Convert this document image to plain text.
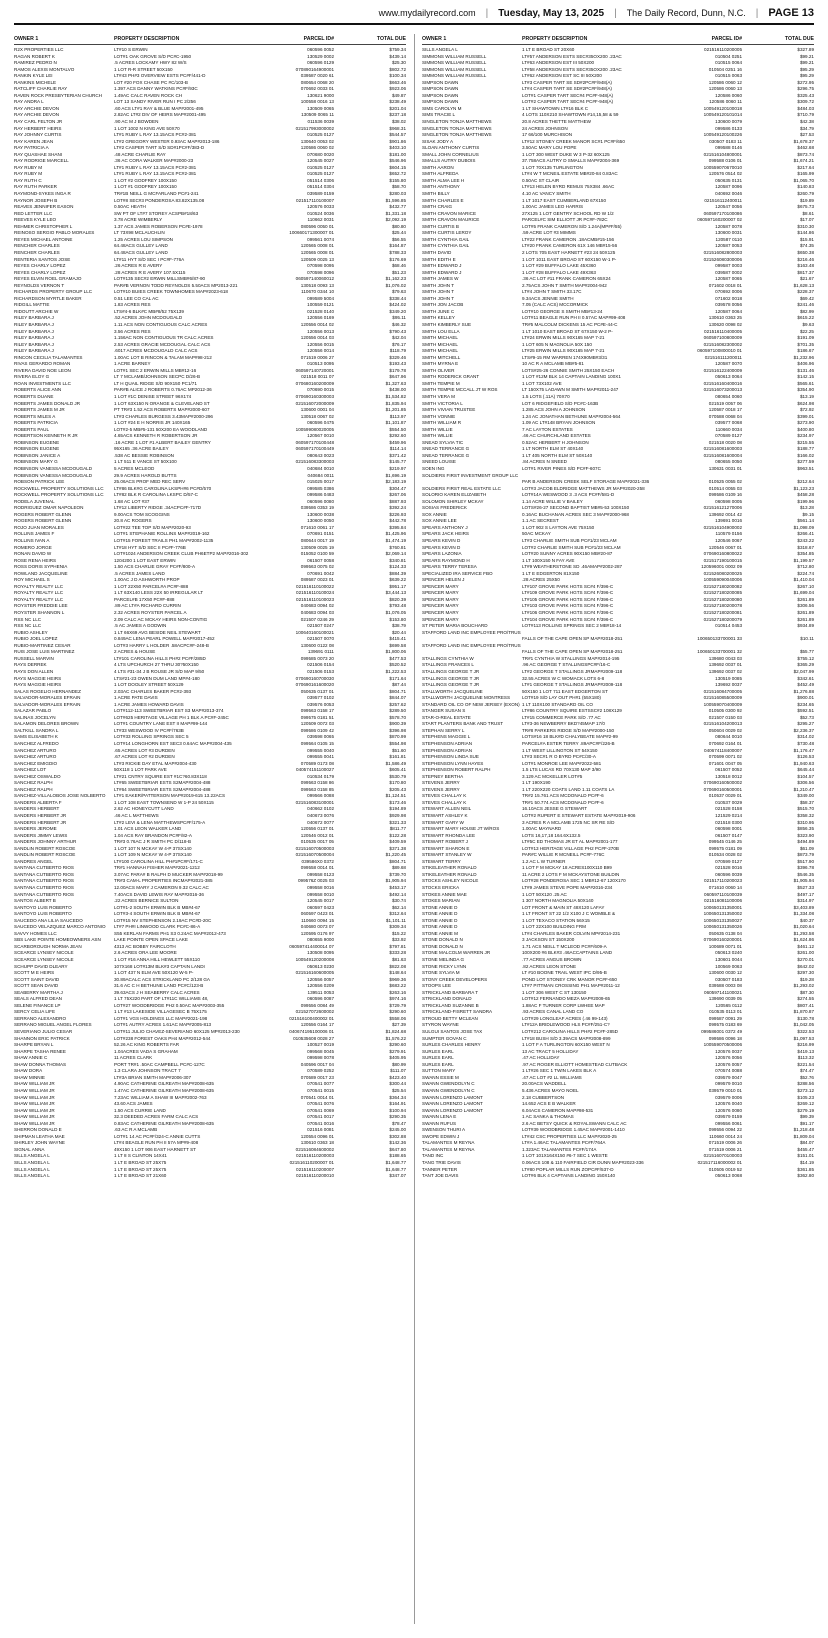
www.mydailyrecord.com | Tuesday, May 13, 2025 | The Daily Record, Dunn, N.C. | PAGE 13
OWNER 1	PROPERTY DESCRIPTION	PARCEL ID#	TOTAL DUE
R2X PROPERTIES LLC	LT#10 S ERWIN	060596 0052	$759.34
RAGAN ROBERT K	LOT#1 OAK GROVE S/D PC#C-1950	130529 0002	$439.14
RAMIREZ PEDRO N	.5 ACRES LOCKAMY HWY 82 W/S	060596 0129	$25.30
RAMOS ALEXIS MONTALVO	1 LOT R-R STREET 50X150	070890164900001	$802.72
RANKIN KYLE LEI	LT#43 PH#3 OVERVIEW ESTS PC#F/441-D	039587 0020 61	$100.34
RANKINS MICHELE	LOT #20 FOX CHASE PC #C/103-B	080654 0068 20	$663.46
RATCLIFF CHARLIE RAY	1.397 ACS DANNY WATKINS PC#F/93C	070692 0033 01	$923.06
RAVEN ROCK PRESBYTERIAN CHURCH	1.49AC CALC RAVEN ROCK CH	130621 9000	$49.87
RAY ANDRA L	LOT 13 SANDY RIVER RUN I PC 2/256	100558 0016 13	$238.49
RAY ARCHIE DEVON	.60 ACS LT#1 RAY & BLUE MAP#2001-495	130509 0065	$201.04
RAY ARCHIE DEVON	2.82AC LT#2 DIV OF HEIRS MAP#2001-495	130509 0065 11	$237.18
RAY CARL FELTON JR	.90 AC M J BOWDEN	011536 0039	$38.02
RAY HERBERT HEIRS	1 LOT 1002 N KING AVE 50X70	021517993000002	$968.31
RAY JOHNNY CURTIS	LT#1 RUBY L RAY 13.15ACS PC#2-381	010525 0127	$544.57
RAY KAREN JEAN	LT#2 GREGORY WESTER 0.93AC MAP#2013-186	130640 0053 02	$901.86
RAY PATRICIA A	LT#2 CASPER TART S/D SD#1PC#F/383-D	120586 0060 02	$403.10
RAY QUASHAE SHANI	.48 ACRE CHARLIE RAY	070680 0020	$181.00
RAY RODRIGE MARCELL	.36 AC CORA WALKER MAP#2000-23	120545 0027	$546.96
RAY RUBY M	LT#1 RUBY L RAY 13.15ACS PC#2-381	010525 0127	$604.15
RAY RUBY M	LT#1 RUBY L RAY 13.15ACS PC#2-381	010525 0127	$652.72
RAY RUTH C	1 LOT #2 GODFREY 100X150	051514 0306	$155.80
RAY RUTH PARKER	1 LOT #1 GODFREY 100X150	051514 0304	$58.70
RAYMOND-SYKES INGA R	TR#1B NEILL G MCFARLAND PC#1-241	039589 0159	$280.03
RAYNOR JOSEPH B	LOT#8 SEC#3 PONDEROSA 83.82X135.08	021517110100007	$1,596.85
REAVES JENNIFER EASON	0.50AC HEATH	120576 0033	$432.77
RED LETTER LLC	SW PT OF LT#7 STOREY ACSPB#18/63	010524 0036	$1,331.18
REEVES KYLE LEO	3.78 ACRE WIMBERLY	110662 0031	$2,092.19
REHMER CHRISTOPHER L	1.37 ACS JAMES ROBERSON PC#E-1978	080596 0050 01	$80.80
REINOSO SERGIO PABLO MORALES	LT 73X98 MCLAUCHLIN	100660171300007 01	$25.44
REYES MICHAEL ANTOINE	1.25 ACRES LOU SIMPSON	099561 0074	$56.55
RENCHER CHARLES	64.48ACS GULLEY LAND	120565 0008 01	$164.87
RENCHER CHARLES	64.48ACS GULLEY LAND	120565 0008 01	$788.33
RENTERIA SANTOS JOSE	LT#11 HYT S/D SEC I PC#F-776A	120509 0025 13	$176.69
REYES CHARLY LOPEZ	.26 ACRES R E AVERY	070598 0095	$68.46
REYES CHARLY LOPEZ	.28 ACRES R E AVERY 107.5X115	070598 0096	$51.23
REYES ELVIN ROEL GRAMAJO	LOT#135 SEC#2 ERWIN MILLSMB#6/87-90	060597140060012	$1,162.23
REYNOLDS VERNON T	PAR#B VERNON TODD REYNOLDS 5.50ACS MP2013-221	130518 0093 13	$1,076.02
RICHARDS PROPERTY GROUP LLC	LOT#10 BUIES CREEK TOWNHOMES MAP#2023-618	110670 0344 10	$79.63
RICHARDSON MYRTLE BAKER	0.51 LEE CO CAL AC	099589 5004	$338.44
RIDGILL MATTIE	1.83 ACRES RES	100559 0121	$424.02
RIDOUTT ARCHIE W	LTS#4-6 BLK#C MB#8/52 75X139	021528 0140	$349.20
RILEY BARBARA J	.52 ACRES JOHN MCDOUGALD	120556 0169	$95.11
RILEY BARBARA J	1.11 ACS NON CONTIGUOUS CALC ACRES	120556 0014 02	$46.32
RILEY BARBARA J	3.56 ACRES RES	120556 0013	$790.43
RILEY BARBARA J	1.156AC NON CONTIGUOUS TR CALC ACRES	120556 0014 03	$42.04
RILEY BARBARA J	2.53 ACRES GRACIE MCDOUGAL CALC ACS	120556 0015	$76.17
RILEY BARBARA J	.6017 ACRES MCDOUGALD CALC ACS	120556 0014	$118.79
RINCON CECILIA TALAMANTES	1.00AC LOT B RINCON & TALAM MAP#98-212	071519 0006 27	$329.46
RIVAS GERARDO ROMAN	1 ACRE BARNEY	010513 0095	$193.43
RIVERA DAVID NOE LEON	LOT#1 SEC 2 ERWIN MILLS MB#12-16	060597140720001	$179.78
RIVERA ELOY G	LT 7 MCLAMB/JOHNSON SECPC D/26-B	021518 0011 07	$647.96
ROAN INVESTMENTS LLC	LT H QUAIL RIDGE S/D 90X150 PC1/71	070680160200009	$1,327.63
ROBERTS ALICE ANN	PAR#B ALICE J ROBERTS 0.76AC MP2012-36	070690 0015	$438.00
ROBERTS DUANE	1 LOT #1C DENISE STREET 96X174	070690160300003	$1,534.82
ROBERTS JAMES DONALD JR	1 LOT 63X150 N ORANGE & CLEVELAND ST	021516072000009	$1,835.94
ROBERTS JAMES M JR	PT TR#3 1.52 ACS ROBERTS MAP#2000-607	130600 0001 04	$1,201.85
ROBERTS MILES A	LT#3 CHARLES BURGESS 3.43MAP#2000-296	130518 0067 02	$113.97
ROBERTS PATRICIA	1 LOT #24 E H NORRIS JR 140X165	060596 0475	$1,101.87
ROBERTS PAUL	LOT#2-5 MB#5-131 50X200 EA WOODLAND	100599080020005	$554.50
ROBERTSON KENNETH R JR	4.65ACS KENNETH R ROBERTSON JR	120567 0010	$292.60
ROBINSON EUGENE	.16 ACRE 1 LOT #1 ALBERT BAILEY GENTRY	060597170100448	$459.96
ROBINSON EUGENE	95X165 .36 ACRE BAILEY	060597170100449	$114.14
ROBINSON JANICE A	.538 AC BESSIE ROBINSON	080643 0023	$371.42
ROBINSON MARY G	1 LT 511 E VANCE ST 50X100	021516083300003	$145.77
ROBINSON VANESSA MCDOUGALD	5 ACRES MCLEOD	040684 0010	$219.97
ROBINSON VANESSA MCDOUGALD	29.9 ACRES HAROLD BUTTS	040684 0011	$1,696.19
ROBSON PATRICK LEE	25.06ACS PROF MED REC SERV	015025 0017	$2,183.19
ROCKWELL PROPERTY SOLUTIONS LLC	LT#86 BLK#G CAROLINA LKSPH#6 PC#D/570	099585 0386	$304.47
ROCKWELL PROPERTY SOLUTIONS LLC	LT#82 BLK R CAROLINA LKSPC D/57-C	099586 0483	$267.06
RODELA JUVENAL	1.68 AC LOT #37	060596 0080	$887.93
RODRIGUEZ OMAR NAPOLEON	LT#12 LIBERTY RIDGE .34ACPC#F-717D	039586 0353 19	$392.24
ROGERS ROBERT GLENN	9.00ACS TOM SCOGGINS	130600 0038	$226.93
ROGERS ROBERT GLENN	20.8 AC ROGERS	130600 0050	$442.78
ROJO JUAN MORALES	LOT#22 TEE TOP S/D MAP#2020-93	071610 0061 17	$395.84
ROLLINS JAMES F	LOT#1 STEPHANIE ROLLINS MAP#2019-162	070691 0151	$1,425.96
ROLLINS IVAN A	LOT#15 FOREST TRAILS PH1 MAP#2002-1135	080644 0017 19	$1,474.19
ROMERO JORGE	LT#18 HYT S/D SEC II PC#F-776B	130509 0025 19	$760.81
RONAN DAVID W	LOT#1024 ANDERSON CREEK CLUB PH6ETP2 MAP#2016-302	015052 0100 59	$2,069.14
ROSE RENA HEIRS	1204200 1 LOT EAST ERWIN	061507 0058	$340.81
ROSS DORIS SYPHENIA	1.50 ACS CHARLIE GRAY PC#F/800-A	099563 0075 02	$124.33
ROWLAND JACQUELINE	.5 ACRES JAMES LAND	070691 0042	$884.39
ROY MICHAEL S	1.00AC J D ASHWORTH PROP	089587 0023 01	$639.22
ROYALTY REALTY LLC	1 LOT 22X50 PARCEL#A PC#F-888	021516110100022	$951.17
ROYALTY REALTY LLC	1 LT 63X140 LESS 22X 50 IRREGULAR LT	021516110100024	$3,444.13
ROYALTY REALTY LLC	PARCEL#B 17X50 PC#F-888	021516110100023	$820.39
ROYSTER FREDDIE LEE	.89 AC LT#A RICHARD CURRIN	040683 0094 02	$793.48
ROYSTER SHANNON L	2.32 ACRES ROYSTER PARCEL A	040683 0094 03	$1,076.05
RSS NC LLC	2.09 CALC AC MCKAY HEIRS NON-CONTIG	021507 0246 29	$153.80
RSS NC LLC	.5 AC JAMES A GODWIN	021507 0247	$38.79
RUBIO ASHLEY	1 LT 66X69 AVG BESIDE NEIL STEWART	100640160100021	$20.44
RUBIO JOEL LOPEZ	0.849AC LENA PEARL POWELL MAP#2017-452	021507 0070	$415.41
RUBIO-MARTINEZ CESAR	LOT#3 HARRY L HOLDER .58ACPC#F-248-B	130600 0122 08	$699.58
RUIS JOSE LUIS MARTINEZ	2 ACRES & HOUSE	139691 0111	$1,800.06
RUSSELL MARVIN	LT#101 CAROLINA HILLS PH#2 PC#F/285D	099585 0073 20	$477.53
RAYS DERREK	4 LTS UPCHURCH 27 THRU 30?50X150	021506 0154	$520.52
RAYS DON ALLEN	4 LTS #31-34 J B ROUSE JR S/D MAP 9/50	021506 0153	$1,222.53
RAYS MAGGIE HEIRS	LTS#21-23 OWEN DUM LAND MP#4-180	070690160700030	$171.64
RAYS MAGGIE HEIRS	1 LOT DOOLEY STREET 50X129	070690161600020	$87.44
SALAS ROGELIO HERNANDEZ	2.03AC CHARLES BAKER PC#2-393	050635 0137 01	$804.71
SALVADOR-MORALES EFRAIN	1 ACRE PATE DAVIS	039577 0102	$844.07
SALVADOR-MORALES EFRAIN	1 ACRE JAMES HOWARD DAVIS	039576 0053	$257.62
SALAZAR PABLO	LOT#112-113 SWEETBRIAR EST S3 MAP#2013-374	099563 0158 17	$289.50
SALINAS JOCELYN	LOT#625 HERITAGE VILLAGE PH 1 BLK A PC#F-245C	099575 0181 51	$578.70
SALAMON DELORES BROWN	LOT#1 COUNTRY LANE EST II MAP#99-144	120509 0072 03	$900.39
SALTKILL SANDRA L	LT#33 WESWOOD IV PC#F/763B	099586 0109 42	$396.98
SAMS ELISABETH K	LOT#33 ROLLING SPRINGS SEC 5	039598 0065	$870.99
SANCHEZ ALFREDO	LOT#14 LONGHORN EST SEC3 0.64AC MAP#2004-435	099564 0105 15	$554.98
SANCHEZ ARTURO	.65 ACRES LOT #3 DURDEN	099555 0040	$51.60
SANCHEZ ARTURO	.67 ACRES LOT #2 DURDEN	099555 0041	$161.81
SANCHEZ EMIGDIO	LT#3 RICKIE DAY ETAL MAP#2004-430	070589 0173 08	$1,586.49
SANCHEZ LOT	50X118 1 LOT PARK AVE	040574151100027	$605.41
SANCHEZ OSWALDO	LT#21 CNTRY SQUIRE EST #1C?60.83X118	010534 0179	$530.79
SANCHEZ RALPH	LT#65 SWEETBRIAR ESTS S2MAP#2004-488	099563 0158 86	$170.80
SANCHEZ RALPH	LT#64 SWEETBRIAR ESTS S2MAP#2004-488	099563 0158 85	$205.43
SANCHEZ-VILLALOBOS JOSE NOLBERTO	LT#1 EAKER/PATTERSON MAP#2019-615 13.22ACS	099566 0088	$1,124.51
SANDERS ALBERTA F	1 LOT 108 EAST TOWNSEND W 1-P 24 50X115	021516083100001	$173.46
SANDERS HERBERT	2.62 AC HONEYCUTT LAND	040662 0102	$194.89
SANDERS HERBERT JR	.46 AC L MATTHEWS	040673 0076	$929.98
SANDERS HERBERT JR	LT#2 LEVI & LENA MATTHEWSPC#F/175-A	040672 0077	$321.33
SANDERS JEROME	1.01 ACS LEON WALKER LAND	120556 0137 01	$811.77
SANDERS JIMMY LEWIS	1.04 ACS RAY BRANDON PC#F/82-A	120546 0012 01	$122.28
SANDERS JOHNNY ARTHUR	TR#3 0.76AC J R SMITH PC D/118-B	010535 0017 05	$409.59
SANDLIN ROBERT ROSCOE	1 LOT 107 N MCKAY W 4-P 37SX140	021516070500003	$371.38
SANDLIN ROBERT ROSCOE	1 LOT 109 N MCKAY W 4-P 37SX140	021516070500004	$1,220.45
SANDRES ANGEL	LT#100 CAROLINA HILL PH#1PC#F/171-C	039586X0 0372	$804.71
SANTANA CUTBERTO RIOS	TR#1 HANNAH FISHER MAP#2021-1212	099558 0014 01	$89.68
SANTANA CUTBERTO RIOS	3.07AC PARA# B RALPH D MUCKER MAP#2018-99	099558 0123	$739.70
SANTANA CUTBERTO RIOS	TR#3 CAM-L PROPERTIES INCMAP#2021-385	099576Z 0025 03	$1,905.94
SANTANA CUTBERTO RIOS	12.00ACS MARY J CAMERON 9.32 CALC AC	099558 0016	$453.17
SANTANA CUTBERTO RIOS	7.40ACS DAVID LEWIS RAY MAP#2016-36	099558 0010	$492.14
SANTOS ALBERT B	.22 ACRES BERNICE SULTON	120545 0017	$30.74
SANTOYO LUIS ROBERTO	LOT#1-2 SOUTH ERWIN BLK B MB#4-67	060597 0423	$62.14
SANTOYO LUIS ROBERTO	LOT#3-4 SOUTH ERWIN BLK B MB#4-67	060597 0423 01	$312.64
SAUCEDO ANA LILIA SAUCEDO	LOT#15 NV STEPHENSON 2.19AC PC#D-20C	110660 0094 15	$1,101.11
SAUCEDO VELAZQUEZ MARCO ANTONIO	LT#7 PH#I LINWOOD CLARK PC#C-86-A	040680 0073 07	$309.34
SAVVY HOMES LLC	S55 KERLAN FARMS PH1 S3 0.24AC MAP#2012-473	120595 0176 97	$15.22
SBS LAKE POINTE HOMEOWNERS ASN	LAKE POINTE OPEN SPACE LAKE	080655 9000	$33.92
SCARBOROUGH NORMA JEAN	4313 AC BOBBY FAIRCLOTH	060597414400014 07	$797.81
SCEARCE LYNSEY NICOLE	2.6 ACRES ORA LEE MOORE	130508 0095	$333.28
SCEARCE LYNSEY NICOLE	1 LOT #16 ANNA HILL HEWLETT 55X110	100549120200008	$81.63
SCHUPP DAVID DLEARY	107X168 LOT#13M BLK#3 CAPTAIN LANDI	050613 0230	$822.08
SCOTT M E HEIRS	1 LOT 437 N ELM AVE 50X120 W-5 P-	021516160600005	$148.64
SCOTT SAINT DAVID	30.89ACALC ACS STRICKLAND PC 2/128 GA	120556 0057	$969.36
SCOTT SEAN DAVID	31.6 AC C H BETHUNE LAND PC#C/123-B	120556 0209	$683.22
SEABERRY MARTHA J	39.63ACS J H SEABERRY CALC ACRES	139511 0053	$263.16
SEALS ALFRED DEAN	1 LT 75X220 PART OF LT#11C WILLIAMS 48,	060596 0087	$974.16
SELENE FINANCE LP	LOT#27 WOODBRIDGE PH2 0.50AC MAP#2003-355	099556 0084 49	$729.79
SERCY CELIA LIFE	1 LT #13 LAKESIDE VILLAGESEC B 75X175	021527072600002	$290.60
SERRANO ALEXANDRO	LOT#1 VGS HOLDINGS LLC MAP#2021-198	021516100400002 01	$558.06
SERRANO MIGUEL ANGEL FLORES	LOT#1 AUTRY ACRES 1.61AC MAP#2005-813	120556 0164 17	$27.39
SEVERIANO JULIO CESAR	LOT#11 JULIO CHAVEZ-SEVERIANO 60X125 MP#2013-230	040674195100006 01	$1,824.68
SHANNON ERIC PATRICK	LOT#238 FOREST OAKS PH4 MAP#2012-544	010535608 0028 27	$1,576.22
SHARPE BRYAN L	52.26 AC KING ROBERTS FAR	100527 0019	$290.60
SHARPE TASHA RENEE	1.04ACRES VADA S GRAHAM	099568 0045	$279.91
SHAW ANNIE C	11 ACRES CLARK	099598 0078	$405.95
SHAW DONNA THOMAS	PORT TR#1 .50AC CAMPBELL PC#C-127C	040596 0017 04	$80.99
SHAW DORA	1.3 CLARA JOHNSON TRACT 7	070589 0252	$111.07
SHAW MINNIE	LT#3A BRIAN SMITH MAP#2006-307	070589 0017 23	$423.40
SHAW WILLIAM JR	4.90AC CATHERINE GILREATH MAP#2008-635	070541 0077	$300.44
SHAW WILLIAM JR	1.47AC CATHERINE GILREATH MAP#2008-635	070541 0015	$25.54
SHAW WILLIAM JR	7.23AC WILLIAM A SHAW III MAP#2002-763	070541 0014 01	$364.34
SHAW WILLIAM JR	43.60 ACS JAMES	070541 0076	$164.91
SHAW WILLIAM JR	1.50 ACS CURRIE LAND	070541 0069	$100.94
SHAW WILLIAM JR	32.3 DEEDED ACRES FARM CALC ACS	070541 0017	$290.35
SHAW WILLIAM JR	0.83AC CATHERINE GILREATH MAP#2008-635	070541 0016	$78.47
SHERRON DONALD E	.63 AC R A MCLAMB	021516 0081	$245.00
SHIPMAN LEATHA MAE	LOT#1 14 AC PC#F/324-C ANNIE CUTTS	120554 0096 01	$302.88
SHIRLEY JOHN WAYNE	LT#4 BEAGLE RUN PH II 57A MP#9-408	130610 0363 18	$142.36
SIGNAL ANNA	49X150 1 LOT 906 EAST HARNETT ST	021516084600002	$647.80
SILLS ANGELA L	1 LT 8 S CLINTON 14X41	021516110200003	$188.65
SILLS ANGELA L	1 LT E BROAD ST 25X75	021516110200007 01	$1,648.77
SILLS ANGELA L	1 LT E BROAD ST 25X75	021516110200007	$1,648.77
SILLS ANGELA L	1 LT E BROAD ST 21X60	021516110200010	$347.07
OWNER 1	PROPERTY DESCRIPTION	PARCEL ID#	TOTAL DUE
SILLS ANGELA L	1 LT E BROAD ST 20X60	021516110200005	$327.89
SIMMONS WILLIAM RUSSELL	LT#57 ANDERSON ESTS SEC#35OX200 .23AC	010504 0251	$99.21
SIMMONS WILLIAM RUSSELL	LT#63 ANDERSON EST III 50X200	010515 0064	$99.21
SIMMONS WILLIAM RUSSELL	LT#58 ANDERSON ESTS SEC#35OX200 .23AC	010504 0251 16	$95.29
SIMMONS WILLIAM RUSSELL	LT#62 ANDERSON EST SC III 50X200	010515 0063	$95.29
SIMPSON DAWN	LT#3 CASPER TART SE SD#2PC#F/948(A)	120586 0060 12	$272.95
SIMPSON DAWN	LT#4 CASPER TART SE SD#2PC#F/948(A)	120586 0060 13	$296.75
SIMPSON DAWN	LOT#1 CASPER TART SEC#4 PC#F-948(A)	120586 0060	$325.43
SIMPSON DAWN	LOT#2 CASPER TART SEC#4 PC#F-948(A)	120586 0060 11	$309.72
SIMS CAROLYN M	1 LT SHAWTOWN LT#16 BLK C	100549120100018	$484.03
SIMS TRACIE L	4 LOTS 110X210 SHAWTOWN #14,15,58 & 59	100549120101014	$710.79
SINGLETON TONJA MATTHEWS	20.8 ACRES THETTE MATTHEW	130600 0079	$42.38
SINGLETON TONJA MATTHEWS	24 ACRES JOHNSON	099586 0133	$34.79
SINGLETON TONJA MATTHEWS	17 66/100 MURCHISON	100549120100226	$27.53
SISAK JODY A	LT#12 STONEY CREEK MANOR SC#1 PC#F/650	030507 0183 11	$1,678.37
SLOAN ANTHONY CURTIS	3.50AC MARY LOU POPE	099588 0146	$462.68
SMALL JOHN CORNELIUS	1 LOT 300 WEST DUKE W 3 P-32 60X125	021516104800001	$873.74
SMALLS AUTRY DUBOIS	37.758ACS AUTRY D SMALLS MAP#2004-369	099588 0106 01	$1,674.21
SMITH AARON	1 LOT 70X135 TURLINGTON	100559070670010	$217.64
SMITH ALFREDA	LT#4 W T MCNEIL ESTATE MB#20-84 0.83AC	120576 0514 02	$165.99
SMITH ALMA LEE H	0.50AC ST CLAIR	050635 0131	$1,065.70
SMITH ANTHONY	LT#13 HELEN BYRD REMUS 75X384 .66AC	120587 0096	$140.83
SMITH BILLY	4.10 AC VANCY SMITH	040692 0046	$260.79
SMITH CHARLES E	1 LT 1017 EAST CUMBERLAND 67X150	021516112400011	$19.89
SMITH CRAIG	1.00AC JAMES LEO HARRIS	120547 0056	$675.73
SMITH CRAVON MARICE	27X125 1 LOT GENTRY SCHOOL RD W 1/2	060597170100086	$8.61
SMITH CRAVON MAURICE	PARCEL#C SIM ELLIOTT JR PC#F-782C	060597160200007 02	$17.07
SMITH CURTIS B	LOT#5 FRANK CAMERON S/D 1.24A(MP#F/55)	120587 0078	$310.30
SMITH CURTIS LEROY	.59 ACRE LOT #3 MIMMS	130600 0031	$144.86
SMITH CYNTHIA GAIL	LT#22 FRANK CAMERON .18ACMB#15-156	120587 0110	$15.91
SMITH CYNTHIA GAIL	LT#20 FRANK CAMERON 61X 146 MB#15-56	120587 0053	$74.35
SMITH DAVID	2 LOTS 705 EAST HARNETT #23 24 50X125	021516082800003	$650.38
SMITH EDITH E	1 LOT 1011 EAST BROAD ST 60X150 W-1 P-	021526080300006	$216.46
SMITH EDWARD J	1 LOT #29 BUFFALO LAKE 45X360	099587 0003	$163.48
SMITH EDWARD J	1 LOT #28 BUFFALO LAKE 49X363	039587 0002	$817.37
SMITH JAMES W	.36 AC LOT #11 FRANK CAMERON 65X24	120587 0065	$21.67
SMITH JOHN T	2.75ACS JOHN T SMITH MAP#2004-942	071602 0018 01	$1,628.13
SMITH JOHN T	LT#4 JOHN T SMITH 33.17C	070692 0006	$228.37
SMITH JOHN T	9.34ACS JENNIE SMITH	071602 0018	$69.42
SMITH JON JACOB	7.05 (CALC ACS) MCCORMICK	039578 0056	$241.46
SMITH JUNE C	LOT#10 GEORGE S SMITH MB#13-24	120587 0064	$82.99
SMITH KELLEY	LOT#11 BEAGLE RUN PH II 0.57AC MAP#99-408	130610 0363 25	$615.22
SMITH KIMBERLY SUE	TR#5 MALCOLM DICKENS 15 AC PC#E-44-C	130620 0098 02	$9.63
SMITH LOU ELLA	1 LT 1010 EAST BROAD ST 67X150 W-2 P-	021516110400005	$22.25
SMITH MICHAEL	LT#24 ERWIN MILLS 90X165 MAP 7-21	060597100800009	$191.09
SMITH MICHAEL	1 LOT 605 N MAGNOLIA 50X 150	021516082300002	$701.35
SMITH MICHAEL	LT#25 ERWIN MILLS 90X165 MAP 7-21	060597100800010 01	$186.67
SMITH MITCHELL	LTS#9-15 RM WARREN 174X90MB#3/31	021516111200011	$1,232.96
SMITH MYRNA E	10 AC R A MCLAMB MB#5-81	120587 0070	$406.96
SMITH OLIVER	LOTS#25-26 CONNIE SMITH 25X150 EACH	021516122400009	$131.46
SMITH RODERICK GRANT	1 LOT #12M BLK 14 CAPTAIN LANDING 100X1	050613 0064	$142.15
SMITH TEMPIE M	1 LOT 73X102 AVE	021516160400016	$565.61
SMITH TEMPIE MCCALL JT W ROS	LT 150X75 LADAWN M SMITH MAP#2011-247	021516073200013	$354.90
SMITH VERA M	1.5 LOTS (.11A) 70X70	080654 0060	$13.19
SMITH VICTORIA L	LOT 6 RIDGEFIELD S/D PC#C-163B	021519 0057 06	$624.98
SMITH VIVIAN TRUSTEE	1.285 ACS JOHN A JOHNSON	120587 0018 17	$72.92
SMITH VONNIE	1.24 AC JONATHAN BETHUNE MAP#2004-564	070588 0068 04	$399.01
SMITH WILLIAM R	1.09 AC LT#148 BRYAN JOHNSON	039577 0068	$273.90
SMITH WILLIE	7 AC LAYTON ESTATES	110660 0034	$400.80
SMITH WILLIE	.46 AC CHURCHLAND ESTATES	070589 0127	$234.97
SNEAD SYLVIA TIC	0.52AC HERBERT H JOHNSON	021518 0020 08	$215.55
SNEAD TERRANCE G	1 LT NORTH ELM ST 40X140	021516081600003	$188.77
SNEAD TERRANCE G	1 LT 405 NORTH ELM ST 50X140	021516081600004	$166.02
SNEED LOUISE	.84 ACRES N SNEED	080655 0050	$277.59
SOEN ING	LOT#1 RIVER PINES S/D PC#F-607C	130631 0031 01	$963.51
SOLDIERS FIRST INVESTMENT GROUP LLC
PAR B ANDERSON CREEK SELF STORAGE MAP#2021-336	010525 0055 02	$212.64
SOLDIERS FIRST REAL ESTATE LLC	LOT#3 JACOB ELDRIDGE MATTHEWS JR MAP#2020-258	010514 0055 03	$1,123.23
SOLORIO KAREN ELIZABETH	LOT#14A WESWOOD 3 .3 ACS PC#F/581-D	099586 0109 16	$458.28
SOLOMON SHIRLEY MCKAY	1.14 ACRE WILLIE V BAILEY	060598 0005	$199.96
SOSIAS FREDERICK	LOTS#26-27 SECOND BAPTIST MB#5-53 100X150	021516121270006	$13.28
SOX ANNIE	0.16AC BUCHANAN ACRES SEC 3 MAP#2000-968	139692 0014 42	$9.15
SOX ANNIE LEE	1.1 AC SECREST	139691 0016	$561.14
SPEARS ANTHONY J	1 LOT 902 S LAYTON AVE 75X150	021516104900002	$1,098.09
SPEARS JACK HEIRS	50AC MCKAY	110579 0156	$266.41
SPEARS KEVIN D	LT#3 CHARLIE SMITH SUB PC#1/23 MCLAM	120546 0067	$243.22
SPEARS KEVIN D	LOT#2 CHARLIE SMITH SUB PC#1/23 MCLAM	120546 0067 01	$318.67
SPEARS LAZONIA	LOT#20 SUNNY ACRES 90X150 MB#20-87	070690160800022	$354.85
SPEARS RAYMOND H	1 LT 100X150 N FAY AVE	021517190100015	$1,199.57
SPEARS TERRY TERESA	LT#9 WEATHERSTONE SD .46AMAP#2002-287	120596001 0002 09	$712.80
SPECIALIZED IRA SERVICE FBO	1 LT E EDGERTON 81X150	021526080200025	$224.74
SPENCER HELEN J	.28 ACRES 25X50	100559090040006	$1,410.04
SPENCER MARY	LT#107 GROVE PARK HGTS SC#4 F/396-C	021527180200082	$267.10
SPENCER MARY	LT#109 GROVE PARK HGTS SC#4 F/396-C	021527180200085	$1,699.04
SPENCER MARY	LT#105 GROVE PARK HGTS SC#4 F/396-C	021527180200080	$261.89
SPENCER MARY	LT#103 GROVE PARK HGTS SC#4 F/396-C	021527180200078	$306.56
SPENCER MARY	LT#106 GROVE PARK HGTS SC#4 F/396-C	021527180200081	$261.89
SPENCER MARY	LT#104 GROVE PARK HGTS SC#4 F/396-C	021527180200079	$261.89
ST PETER MARIA BOUCHARD	LOT#113 ROLLING SPRINGS SEC 2 MB#18-14	010514 0453	$934.89
STAFFORD LAND INC EMPLOYEE PRO/TRUS
FALLS OF THE CAPE OPEN SP MAP#2018-251	100650133700001 33	$10.11
STAFFORD LAND INC EMPLOYEE PRO/TRUS
FALLS OF THE CAPE OPEN SP MAP#2018-251	100650133700001 32	$55.77
STALLINGS CYNTHIA W	TR#1 CYNTHIA W STALLINGS MAP#2014-195	139680 0043 03	$755.12
STALLINGS FRANCES L	.96 AC GEORGE T STALLINGSPC#F/16-C	139692 0037 01	$365.29
STALLINGS GEORGE T JR	LT#2 GEORGE T STALLINGS JRMAP#2009-118	139692 0037 02	$2,047.99
STALLINGS GEORGE T JR	32.55 ACRES W C WOMACK LOTS 6-8	130519 0085	$342.61
STALLINGS GEORGE T JR	LT#1 GEORGE T STALLINGS JRMAP#2009-118	139692 0037	$452.49
STALLWORTH JACQUELINE	50X150 1 LOT 711 EAST EDGERTON ST	021516084700005	$1,276.88
STALLWORTH JACQUELINE MONTRESS	LOT#19 S/D LAY OUT PH#1 (55X180)	021516085500009	$900.01
STANDARD OIL CO OF NEW JERSEY (EXON) 1 LT 110X100 STANDARD OIL CO	100559070400009	$234.65
STANGER SUSAN S	LT#86 COUNTRY SQUIRE ESTSSC#2 108X129	010505 0300 92	$592.51
STAR-O-REAL ESTATE	LT#15 COMMERCE PARK S/D .77 AC	021507 0150 03	$52.73
START PLANTERS BANK AND TRUST	LT#3-36 NEWBERRY BKD?45MAP 17/0	021516104200013	$295.27
STEPHAN SERRY L	TR#8 PARKERS RIDGE S/D MAP#2000-150	050604 0029 02	$2,236.37
STEPHENS MAGGIE L	LOTS#16 18 BLK#D CHALYBEATE MAP#2-99	080644 0010	$314.02
STEPHENSON ADRIAN	PARCEL#A ESTER TERRY .89APC#F/226-B	070692 0164 01	$730.48
STEPHENSON ADRIAN	1 LT WEST LILLINGTON ST 54X150	040674118400007	$1,176.47
STEPHENSON LINDA SUE	LT#3 SEC#1 R O BYRD PC#C/30-A	070599 0071 02	$126.53
STEPHENSON LYNN HAYES	LOT#1 MONROE LEE MAP#2022-581	071601 0047 05	$1,940.63
STEPHENSON ROBERT RALPH	1.5 LTS LUCAS RD 70X130 MAP 3/90	061507 0052	$645.44
STEPNEY BERTHA	3.129 AC MCKELLER LOT#5	130518 0012	$104.57
STEVENS JERRY	1 LT 190X190	070690160500002	$306.56
STEVENS JERRY	1 LT 220X220 COATS LAND 1.11 COATS LA	070690160500001	$1,210.47
STEVES CHALLAY K	TR#2 15.761 ACS MCDONALD PC#F-6	010537 0029 01	$349.00
STEVES CHALLAY K	TR#1 50.774 ACS MCDONALD PC#F-6	010537 0029	$58.37
STEWART ALLEN NEIL	16.10ACS JESSE G STEWART	021528 0158	$515.70
STEWART ASHLEY K	LOT#2 RUPERT E STEWART ESTATE MAP#2019-906	121529 0214	$358.32
STEWART GARY W	3 ACRES R A MCLAMB 1725 NC SR RE S/D	021518 0300	$310.95
STEWART MARY HOUSE JT W/ROS	1.00AC MAYNARD	060598 0001	$856.35
STEWART RHONDA LEE	LOTS 16,17,18 164.6X132.5	061507 0147	$323.90
STEWART ROBERT J	LT#5C ED THOMAS JR ET AL MAP#2001-177	099545 0146 25	$494.89
STEWART SHARON E	LOT#13 HERITAGE VILLAGE PH2 PC#F-270B	099575 0181 09	$61.09
STEWART STANLEY W	PAR#C WILLIE R MCNEILL PC#F-776C	010534 0028 02	$873.79
STEWART TERRY	1.2 AC L W TURNER	070599 0127	$517.90
STIKELEATHER RONALD	1 LOT F M MCKAY 18 ACRES100X110 B99	021528 0016	$396.78
STIKELEATHER RONALD	11 ACRE 2 LOTS F M MCKAYSTONE BUILDIN	060596 0039	$546.35
STOCKS ASHLEY NICOLE	LOT#28 PONDEROSA SEC 1 MB#12-67 120X170	021517110200023	$1,905.94
STOCKS ERICKA	LT#9 JAMES STEVE POPE MAP#2016-234	071610 0060 14	$527.33
STOKES ANNIE MAE	1 LOT 50X120 .25 AC	060597110100039	$497.17
STOKES MARIAN	1 307 NORTH MAGNOLIA 50X140	021516081100006	$314.97
STONE ANNIE D	LOT FRONT & MAIN ST 48X120 LAFAY	100650131350001	$3,403.89
STONE ANNIE D	1 LT FRONT ST 22 1/2 X100 J C WOMBLE &	100650131350002	$1,334.08
STONE ANNIE D	1 LOT TEXACO STATION 56X15	100650131350027	$40.37
STONE ANNIE D	1 LOT 22X100 BUILDING FRM	100650131350026	$1,020.64
STONE ANNIE M	LT#4 CHARLES BAKER COLVIN MP#2014-231	050635 0138 04	$1,293.58
STONE DONALD N	3 JACKSON ST 150X200	070690160200001	$1,624.86
STONE DONALD N	1.71 ACS NEILL T MCLEOD PC#F/609-A	100689 0071 01	$461.12
STONE MALCOLM WARREN JR	100X200 #6 BLK#3 .46ACCAPTAINS LAND	050613 0240	$261.00
STONE MELINDA G	.77 ACRES ANGUS BROWN	130601 0044	$270.01
STONE RICKY LYNN	.82 ACRES LEON STONE	100569 0063	$642.02
STONE SYLVIA M	LT #10 BOONE TRAIL WEST IPC D/95-B	130600 0030 12	$297.30
STONY CREEK DEVELOPERS	POND LOT STONEY CRK MANOR PC#F-650	030507 0183	$19.28
STOOPS LEE	LT#7 PITTMAN CROSSING PH1 MAP#2011-12	039588 0003 08	$1,293.02
STRICKLAND BARBARA T	1 LOT 306 WEST C ST 130150	060597141100021	$87.30
STRICKLAND DONALD	LOT#12 FERNANDO MEZA MAP#2009-65	139690 0039 05	$274.55
STRICKLAND SUZANNE B	1.88AC F TURNER CORP LWHEE MAP	120565 0112	$807.41
STRICKLAND-FISRETT SANDRA	.93 ACRES CANAL LAND CO	010535 0113 01	$1,870.87
STROUD BETTY MCLEAN	LOT#29 LONGLEAF ACRES (.46 99-143)	099587 0091 29	$130.78
STYRON WAYNE	LT#12A BRIDLEWOOD HLS PC#F/251-C?	099575 0183 69	$1,042.05
SULGUI SANTOS JOSE TAX	LOT#212 CAROLINA HILLS PH#2 PC#F-285D	099586001 0372 49	$322.53
SUMPTER GOVAN C	LT#18 BUSH S/D 3.39ACS MAP#2008-899	099586 0096 18	$1,097.53
SURLES CHARLES HENRY	1 LOT F A TURLINGTON 60X150 WEST N	100559070500006	$216.99
SURLES EARL	13 AC TRACT 5 HOLLIDAY	120576 0037	$419.13
SURLES EARL	.47 AC HOLLIDAY	120576 0056	$113.32
SURLES EARL	.97 AC ROGER ELLIOTT HOMESTEAD CUTBACK	120576 0057	$221.54
SUTTON MARY	1 LT#26 SEC 1 TWIN LAKES BLK A	070574 0088	$74.47
SWANN ESSIE M	.47 AC LOT #2 LL WILLIAMS	039579 0047	$52.76
SWANN GWENDOLYN C	20.00ACS WADDELL	099579 0010	$288.56
SWANN GWENDOLYN C	5.436 ACRES MAYO NOEL	039579 0010 01	$273.12
SWANN LORENZO LAMONT	2.18 CUBBERTSON	039579 0006	$105.23
SWANN LORENZO LAMONT	14.652 ACS E B WALKER	120576 0040	$269.12
SWANN LORENZO LAMONT	6.04ACS CAMERON MAP#98-531	120576 0080	$279.19
SWANN LENA E	1 AC SANKA & THOMAS	039579 0159	$99.39
SWANN RUFUS	2.6 AC BETSY QUICK & ROYALSWANN CALC AC	099556 0061	$91.17
SWENSON THURI A	LOT#39 WOODBRIDGE 1.45AC MAP#2001-1410	099556 0094 22	$1,218.48
SWOPE EDWIN J	LT#42 CSC PROPERTIES LLC MAP#2020-25	110660 0014 24	$1,809.04
TALAMANTES M REYNA	LT#A 1.46AC TALAMANTES PC#F/764A	071519 0006 26	$84.07
TALAMANTES M REYNA	1.323AC TALAMANTES PC#F/174A	071519 0006 21	$455.47
TAND INC	1 LOT 101X164X150 #6-7 SEC 1 WESTE	021516070100003	$151.01
TANG TRIE DAVIS	0.06ACS 108 & 110 FAIRFIELD CIR DUNN MAP#2023-336	021517116000002 01	$14.19
TANNER PETER	LT#80 POPLAR MILLS RUN ZOPC#F/537-D	010505 0019 52	$361.85
TANT JOE DAVIS	LOT#6 BLK 4 CAPTAINS LANDING 150X140	050613 0068	$362.80
